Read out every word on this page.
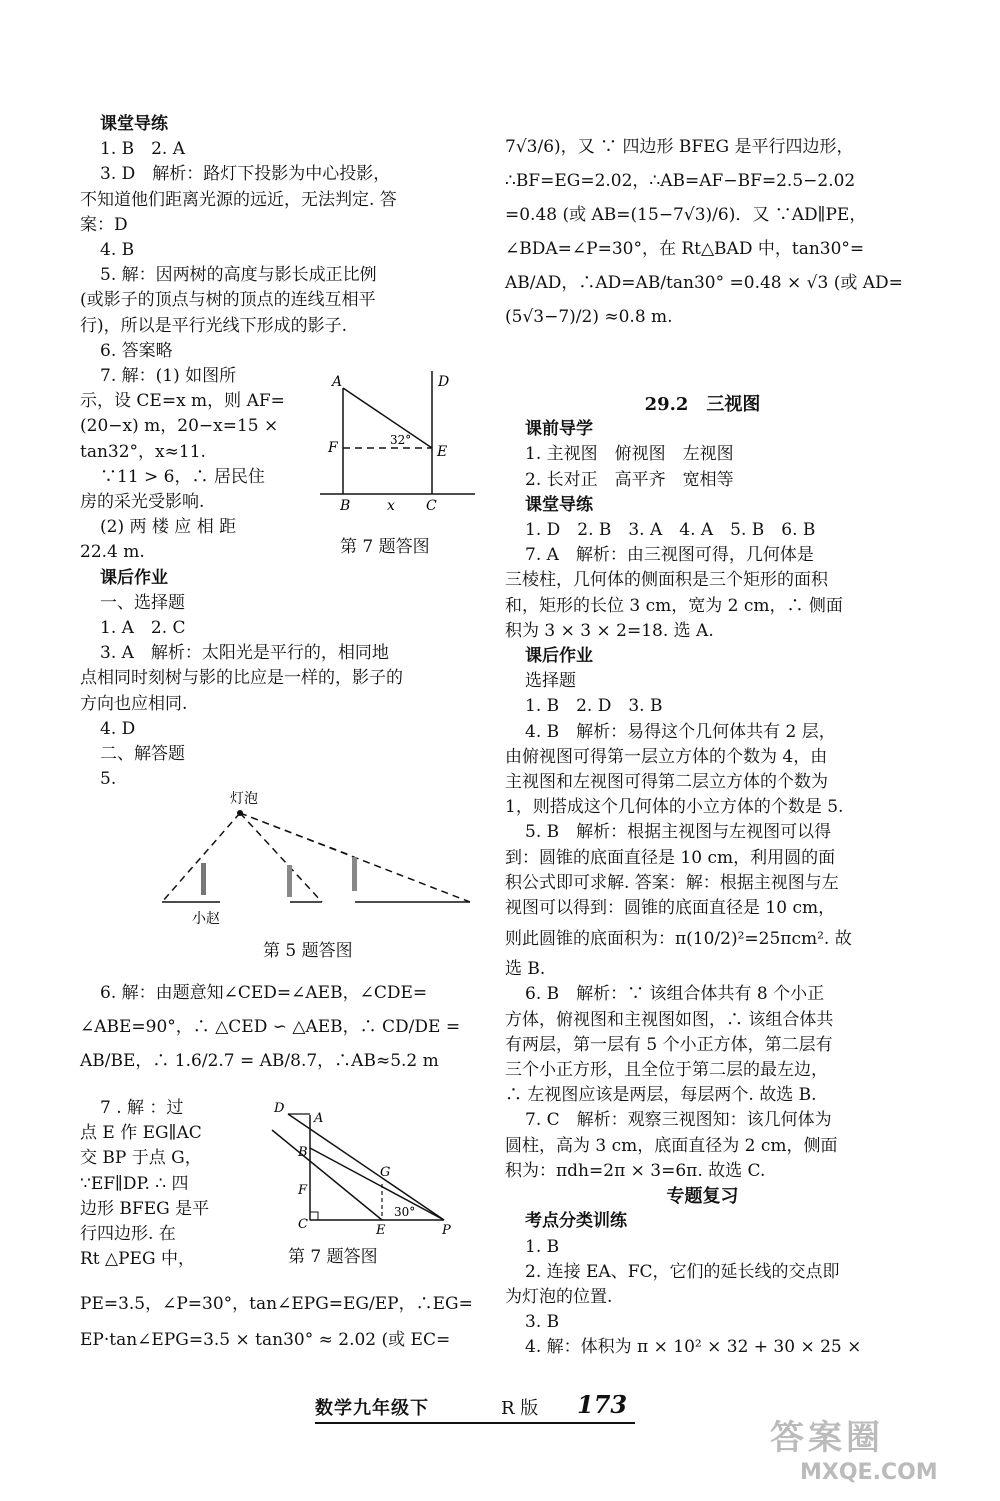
课堂导练
1. B　2. A
3. D　解析：路灯下投影为中心投影，
不知道他们距离光源的远近，无法判定. 答
案：D
4. B
5. 解：因两树的高度与影长成正比例
(或影子的顶点与树的顶点的连线互相平
行)，所以是平行光线下形成的影子.
6. 答案略
7. 解：(1) 如图所
示，设 CE=x m，则 AF=
(20−x) m，20−x=15 ×
tan32°，x≈11.
∵11 > 6，∴ 居民住
房的采光受影响.
(2) 两 楼 应 相 距
22.4 m.
课后作业
一、选择题
1. A　2. C
3. A　解析：太阳光是平行的，相同地
点相同时刻树与影的比应是一样的，影子的
方向也应相同.
4. D
二、解答题
5.
A	D
F	E
B	x C
32°
第 7 题答图
灯泡
小赵
第 5 题答图
6. 解：由题意知∠CED=∠AEB，∠CDE=
∠ABE=90°，∴ △CED ∽ △AEB，∴ CD/DE =
AB/BE，∴ 1.6/2.7 = AB/8.7，∴AB≈5.2 m
7 . 解 ：过
点 E 作 EG∥AC
交 BP 于点 G，
∵EF∥DP. ∴ 四
边形 BFEG 是平
行四边形. 在
Rt △PEG 中，
PE=3.5，∠P=30°，tan∠EPG=EG/EP，∴EG=
EP·tan∠EPG=3.5 × tan30° ≈ 2.02 (或 EC=
D
A
B
G
F
C	E	P
30°
第 7 题答图
7√3/6)，又 ∵ 四边形 BFEG 是平行四边形，
∴BF=EG=2.02，∴AB=AF−BF=2.5−2.02
=0.48 (或 AB=(15−7√3)/6)．又 ∵AD∥PE，
∠BDA=∠P=30°，在 Rt△BAD 中，tan30°=
AB/AD，∴AD=AB/tan30° =0.48 × √3 (或 AD=
(5√3−7)/2) ≈0.8 m.
29.2　三视图
课前导学
1. 主视图　俯视图　左视图
2. 长对正　高平齐　宽相等
课堂导练
1. D　2. B　3. A　4. A　5. B　6. B
7. A　解析：由三视图可得，几何体是
三棱柱，几何体的侧面积是三个矩形的面积
和，矩形的长位 3 cm，宽为 2 cm，∴ 侧面
积为 3 × 3 × 2=18. 选 A.
课后作业
选择题
1. B　2. D　3. B
4. B　解析：易得这个几何体共有 2 层，
由俯视图可得第一层立方体的个数为 4，由
主视图和左视图可得第二层立方体的个数为
1，则搭成这个几何体的小立方体的个数是 5.
5. B　解析：根据主视图与左视图可以得
到：圆锥的底面直径是 10 cm，利用圆的面
积公式即可求解. 答案：解：根据主视图与左
视图可以得到：圆锥的底面直径是 10 cm，
则此圆锥的底面积为：π(10/2)²=25πcm². 故
选 B.
6. B　解析：∵ 该组合体共有 8 个小正
方体，俯视图和主视图如图，∴ 该组合体共
有两层，第一层有 5 个小正方体，第二层有
三个小正方形，且全位于第二层的最左边，
∴ 左视图应该是两层，每层两个. 故选 B.
7. C　解析：观察三视图知：该几何体为
圆柱，高为 3 cm，底面直径为 2 cm，侧面
积为：πdh=2π × 3=6π. 故选 C.
专题复习
考点分类训练
1. B
2. 连接 EA、FC，它们的延长线的交点即
为灯泡的位置.
3. B
4. 解：体积为 π × 10² × 32 + 30 × 25 ×
数学九年级下	R 版 173
答案圈
MXQE.COM
